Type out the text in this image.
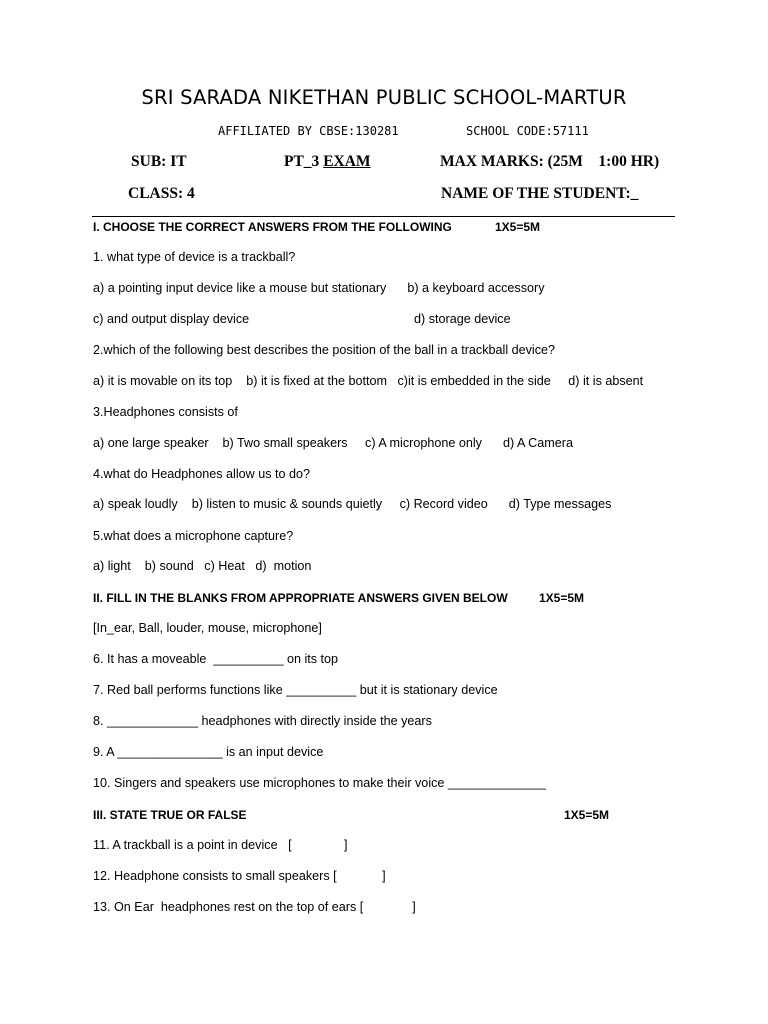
SRI SARADA NIKETHAN PUBLIC SCHOOL-MARTUR
AFFILIATED BY CBSE:130281	SCHOOL CODE:57111
SUB: IT	PT_3 EXAM	MAX MARKS: (25M    1:00 HR)
CLASS: 4	NAME OF THE STUDENT:_
I. CHOOSE THE CORRECT ANSWERS FROM THE FOLLOWING	1X5=5M
1. what type of device is a trackball?
a) a pointing input device like a mouse but stationary      b) a keyboard accessory
c) and output display device	d) storage device
2.which of the following best describes the position of the ball in a trackball device?
a) it is movable on its top    b) it is fixed at the bottom   c)it is embedded in the side     d) it is absent
3.Headphones consists of
a) one large speaker    b) Two small speakers     c) A microphone only      d) A Camera
4.what do Headphones allow us to do?
a) speak loudly    b) listen to music & sounds quietly     c) Record video      d) Type messages
5.what does a microphone capture?
a) light    b) sound   c) Heat   d)  motion
II. FILL IN THE BLANKS FROM APPROPRIATE ANSWERS GIVEN BELOW	1X5=5M
[In_ear, Ball, louder, mouse, microphone]
6. It has a moveable  __________ on its top
7. Red ball performs functions like __________ but it is stationary device
8. _____________ headphones with directly inside the years
9. A _______________ is an input device
10. Singers and speakers use microphones to make their voice ______________
III. STATE TRUE OR FALSE	1X5=5M
11. A trackball is a point in device   [               ]
12. Headphone consists to small speakers [             ]
13. On Ear  headphones rest on the top of ears [              ]
